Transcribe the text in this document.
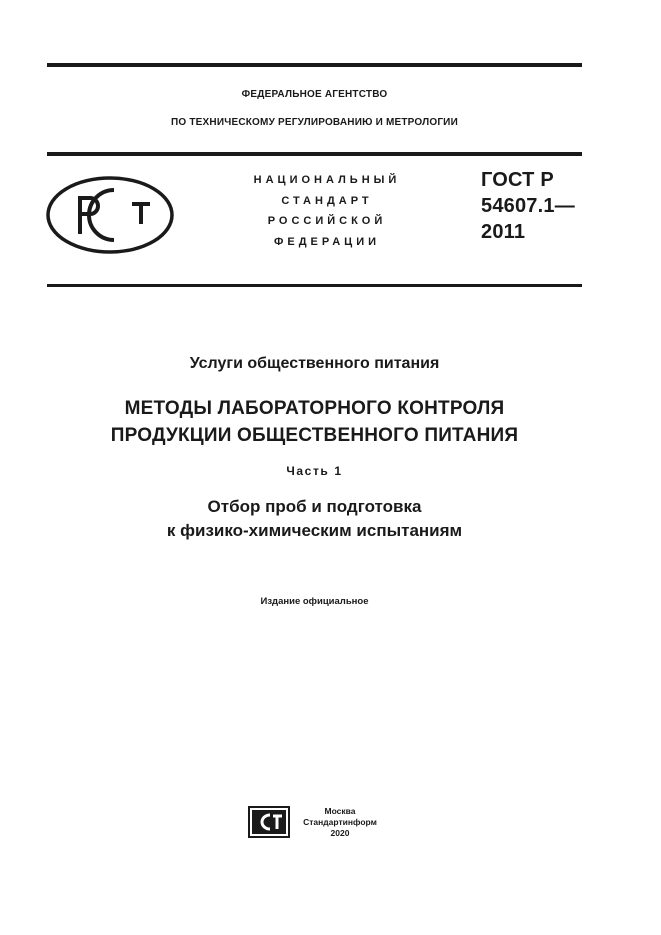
ФЕДЕРАЛЬНОЕ АГЕНТСТВО
ПО ТЕХНИЧЕСКОМУ РЕГУЛИРОВАНИЮ И МЕТРОЛОГИИ
НАЦИОНАЛЬНЫЙ
СТАНДАРТ
РОССИЙСКОЙ
ФЕДЕРАЦИИ
ГОСТ Р
54607.1—
2011
Услуги общественного питания
МЕТОДЫ ЛАБОРАТОРНОГО КОНТРОЛЯ
ПРОДУКЦИИ ОБЩЕСТВЕННОГО ПИТАНИЯ
Часть 1
Отбор проб и подготовка
к физико-химическим испытаниям
Издание официальное
Москва
Стандартинформ
2020
